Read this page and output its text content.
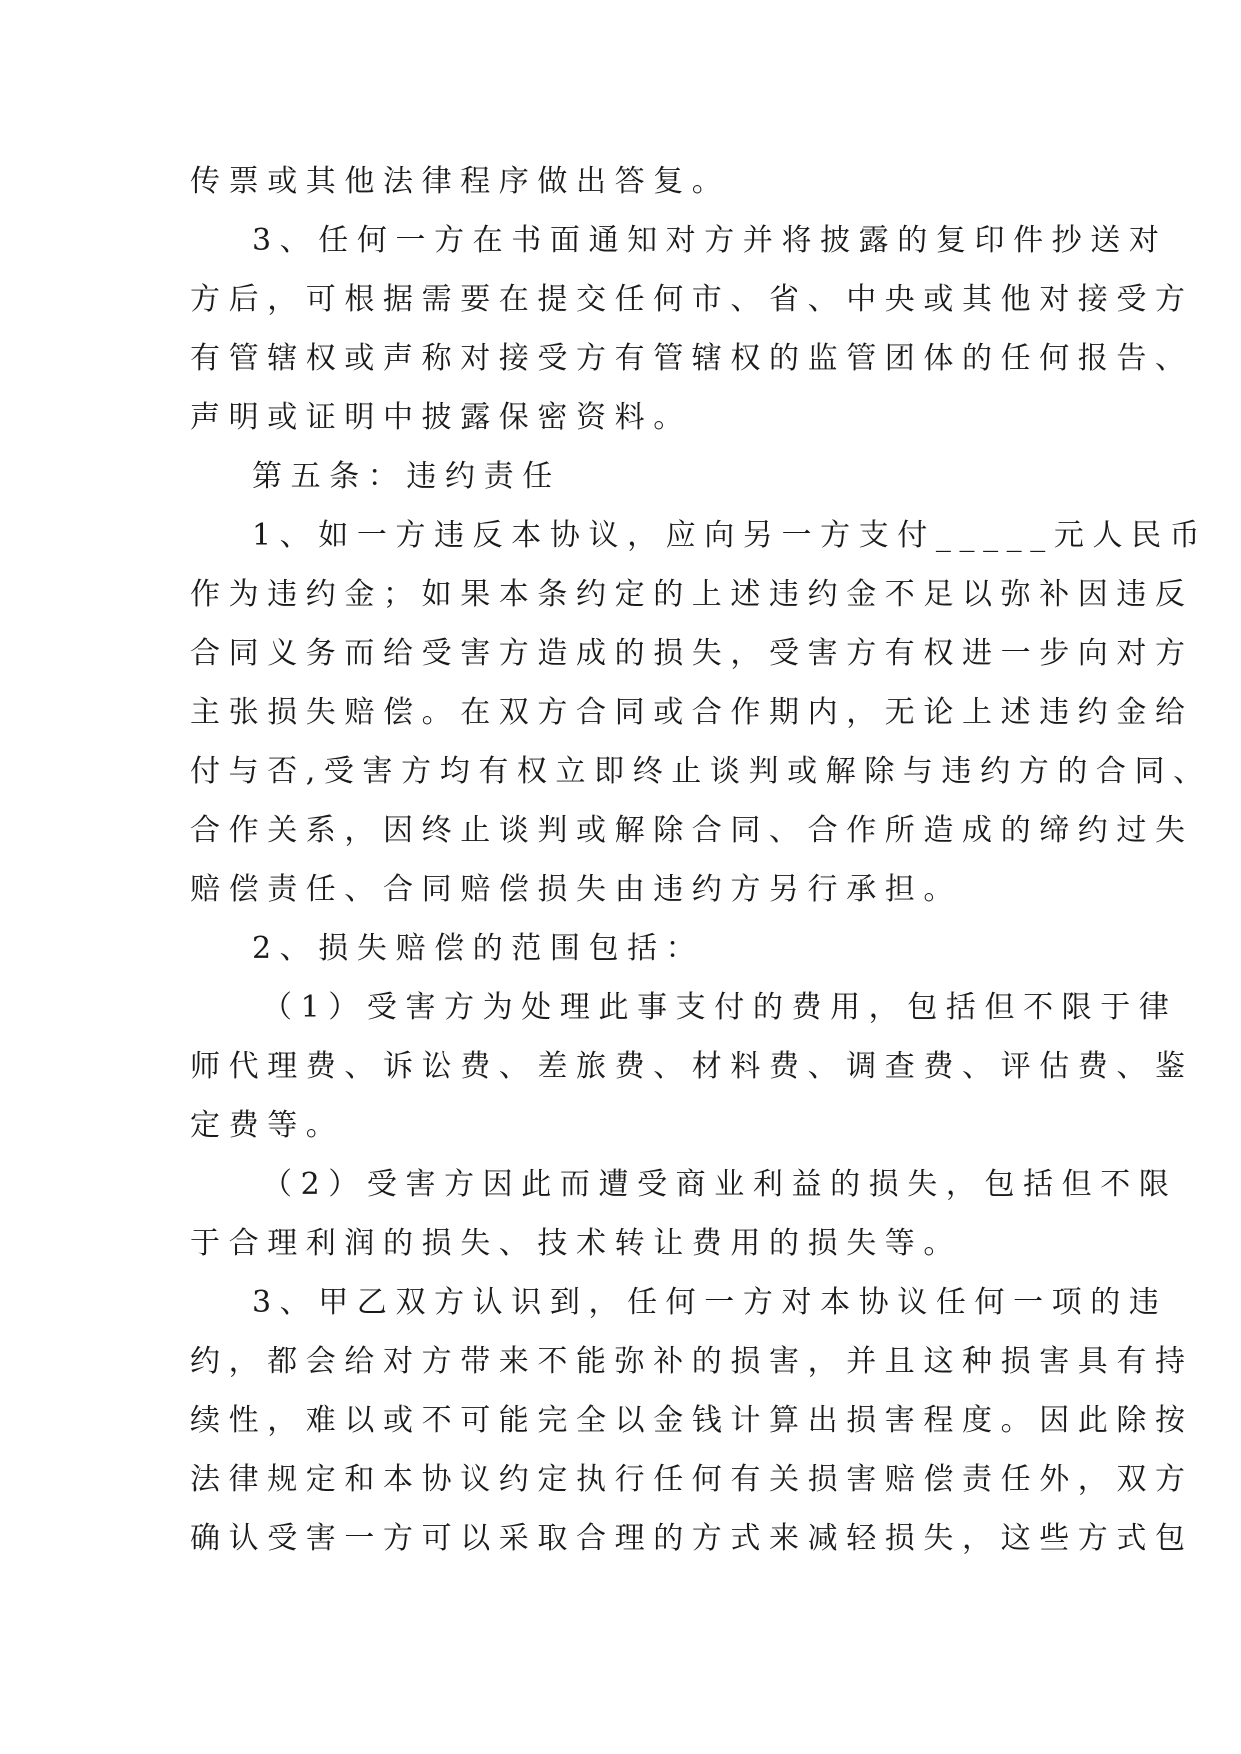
传票或其他法律程序做出答复。
3、任何一方在书面通知对方并将披露的复印件抄送对
方后，可根据需要在提交任何市、省、中央或其他对接受方
有管辖权或声称对接受方有管辖权的监管团体的任何报告、
声明或证明中披露保密资料。
第五条：违约责任
1、如一方违反本协议，应向另一方支付_____元人民币
作为违约金；如果本条约定的上述违约金不足以弥补因违反
合同义务而给受害方造成的损失，受害方有权进一步向对方
主张损失赔偿。在双方合同或合作期内，无论上述违约金给
付与否,受害方均有权立即终止谈判或解除与违约方的合同、
合作关系，因终止谈判或解除合同、合作所造成的缔约过失
赔偿责任、合同赔偿损失由违约方另行承担。
2、损失赔偿的范围包括：
（1）受害方为处理此事支付的费用，包括但不限于律
师代理费、诉讼费、差旅费、材料费、调查费、评估费、鉴
定费等。
（2）受害方因此而遭受商业利益的损失，包括但不限
于合理利润的损失、技术转让费用的损失等。
3、甲乙双方认识到，任何一方对本协议任何一项的违
约，都会给对方带来不能弥补的损害，并且这种损害具有持
续性，难以或不可能完全以金钱计算出损害程度。因此除按
法律规定和本协议约定执行任何有关损害赔偿责任外，双方
确认受害一方可以采取合理的方式来减轻损失，这些方式包
